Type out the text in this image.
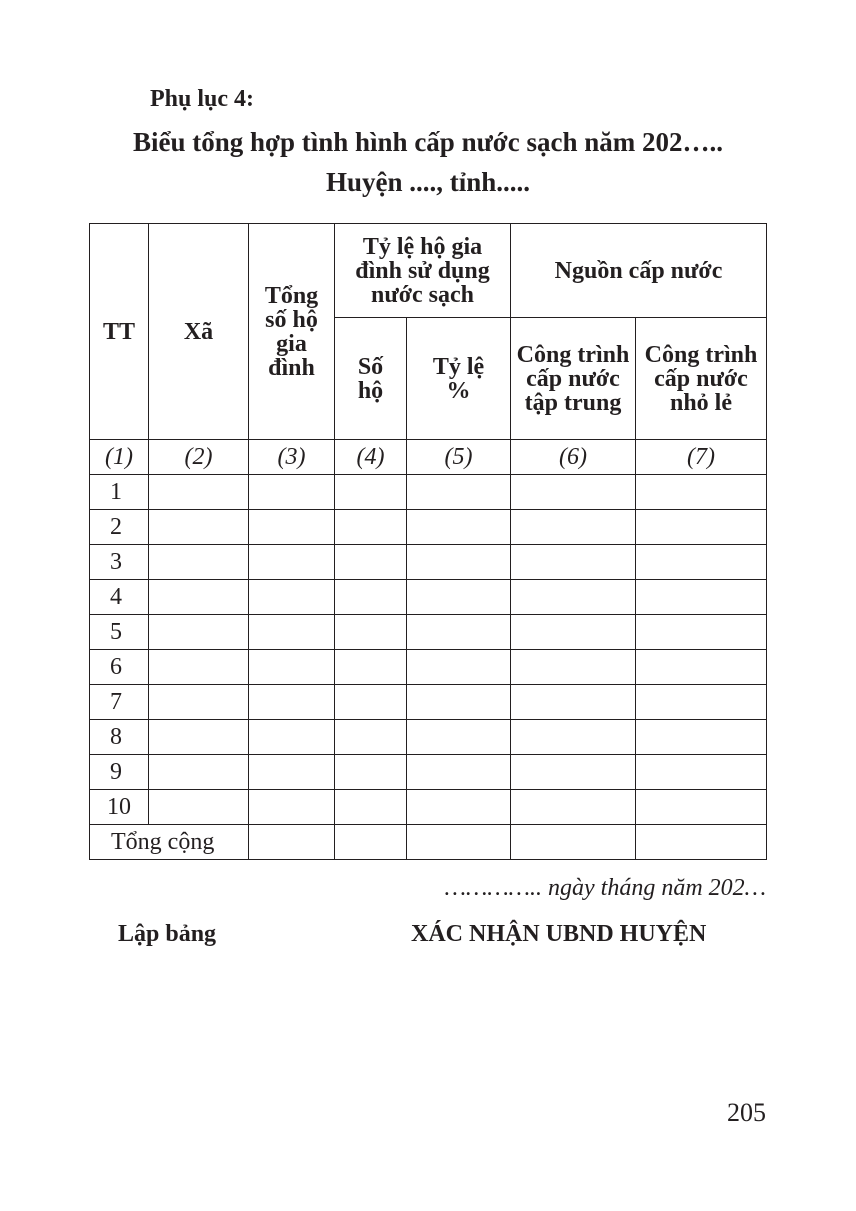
Phụ lục 4:
Biểu tổng hợp tình hình cấp nước sạch năm 202…..
Huyện ...., tỉnh.....
TT	Xã	Tổng số hộ gia đình	Tỷ lệ hộ gia đình sử dụng nước sạch		Nguồn cấp nước	
			Số hộ	Tỷ lệ %	Công trình cấp nước tập trung	Công trình cấp nước nhỏ lẻ
(1)	(2)	(3)	(4)	(5)	(6)	(7)
1						
2						
3						
4						
5						
6						
7						
8						
9						
10						
Tổng cộng						
………….. ngày tháng năm 202…
Lập bảng	XÁC NHẬN UBND HUYỆN
205
